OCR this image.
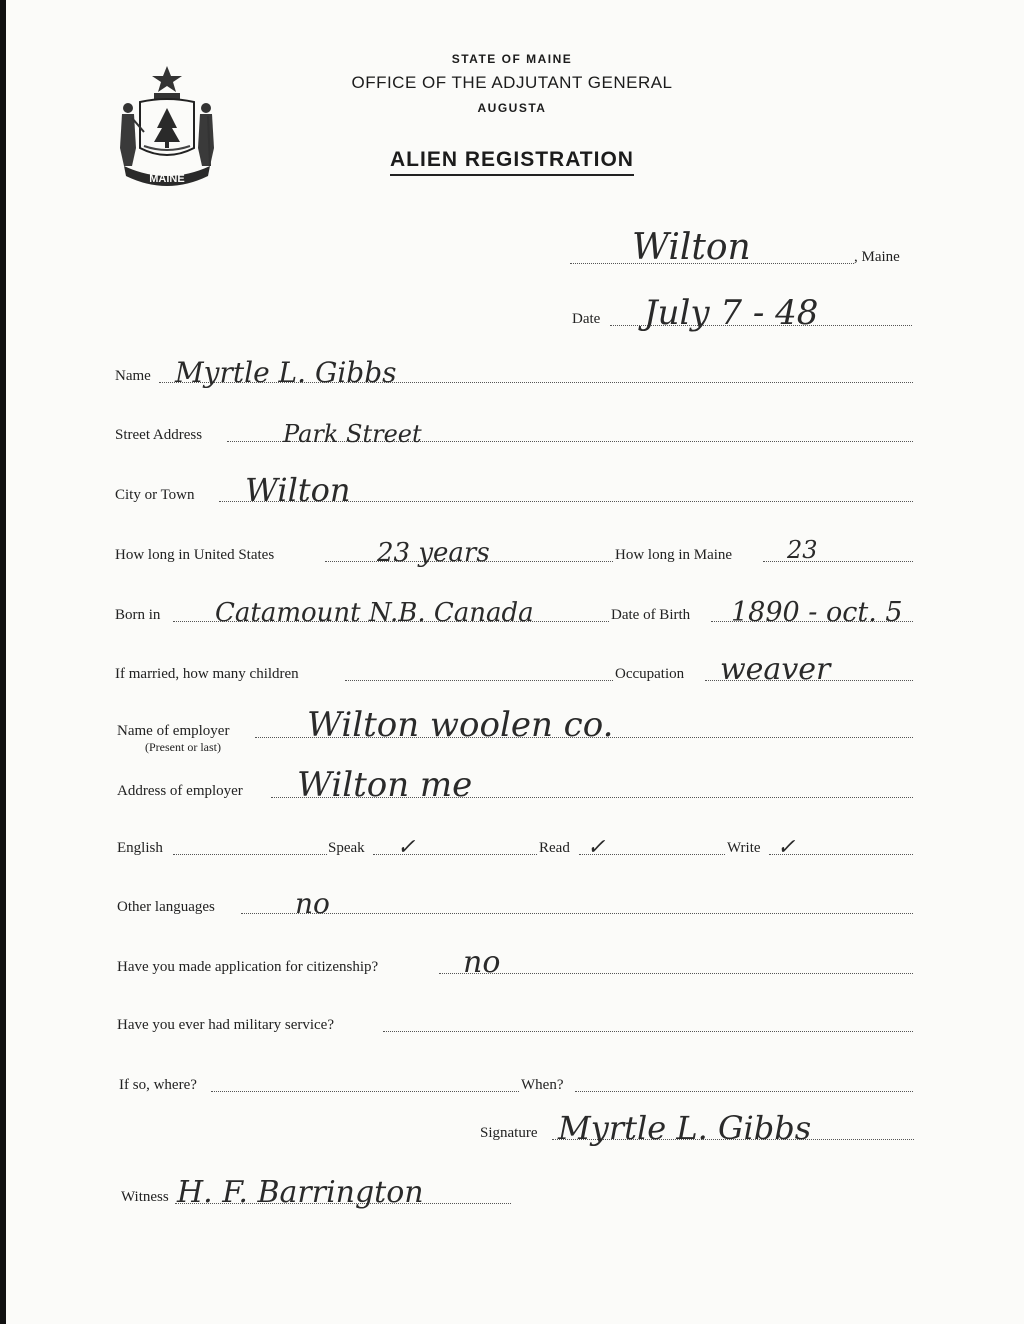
MAINE
STATE OF MAINE
OFFICE OF THE ADJUTANT GENERAL
AUGUSTA
ALIEN REGISTRATION
Wilton	, Maine
Date July 7 - 48
Name Myrtle L. Gibbs
Street Address	Park Street
City or Town Wilton
How long in United States	23 years	How long in Maine 23
Born in Catamount N.B. Canada	Date of Birth 1890 - oct. 5
If married, how many children	Occupation weaver
Name of employer Wilton woolen co.
(Present or last)
Address of employer Wilton me
English	Speak ✓	Read ✓	Write ✓
Other languages	no
Have you made application for citizenship?	no
Have you ever had military service?
If so, where?	When?
Signature Myrtle L. Gibbs
Witness H. F. Barrington
